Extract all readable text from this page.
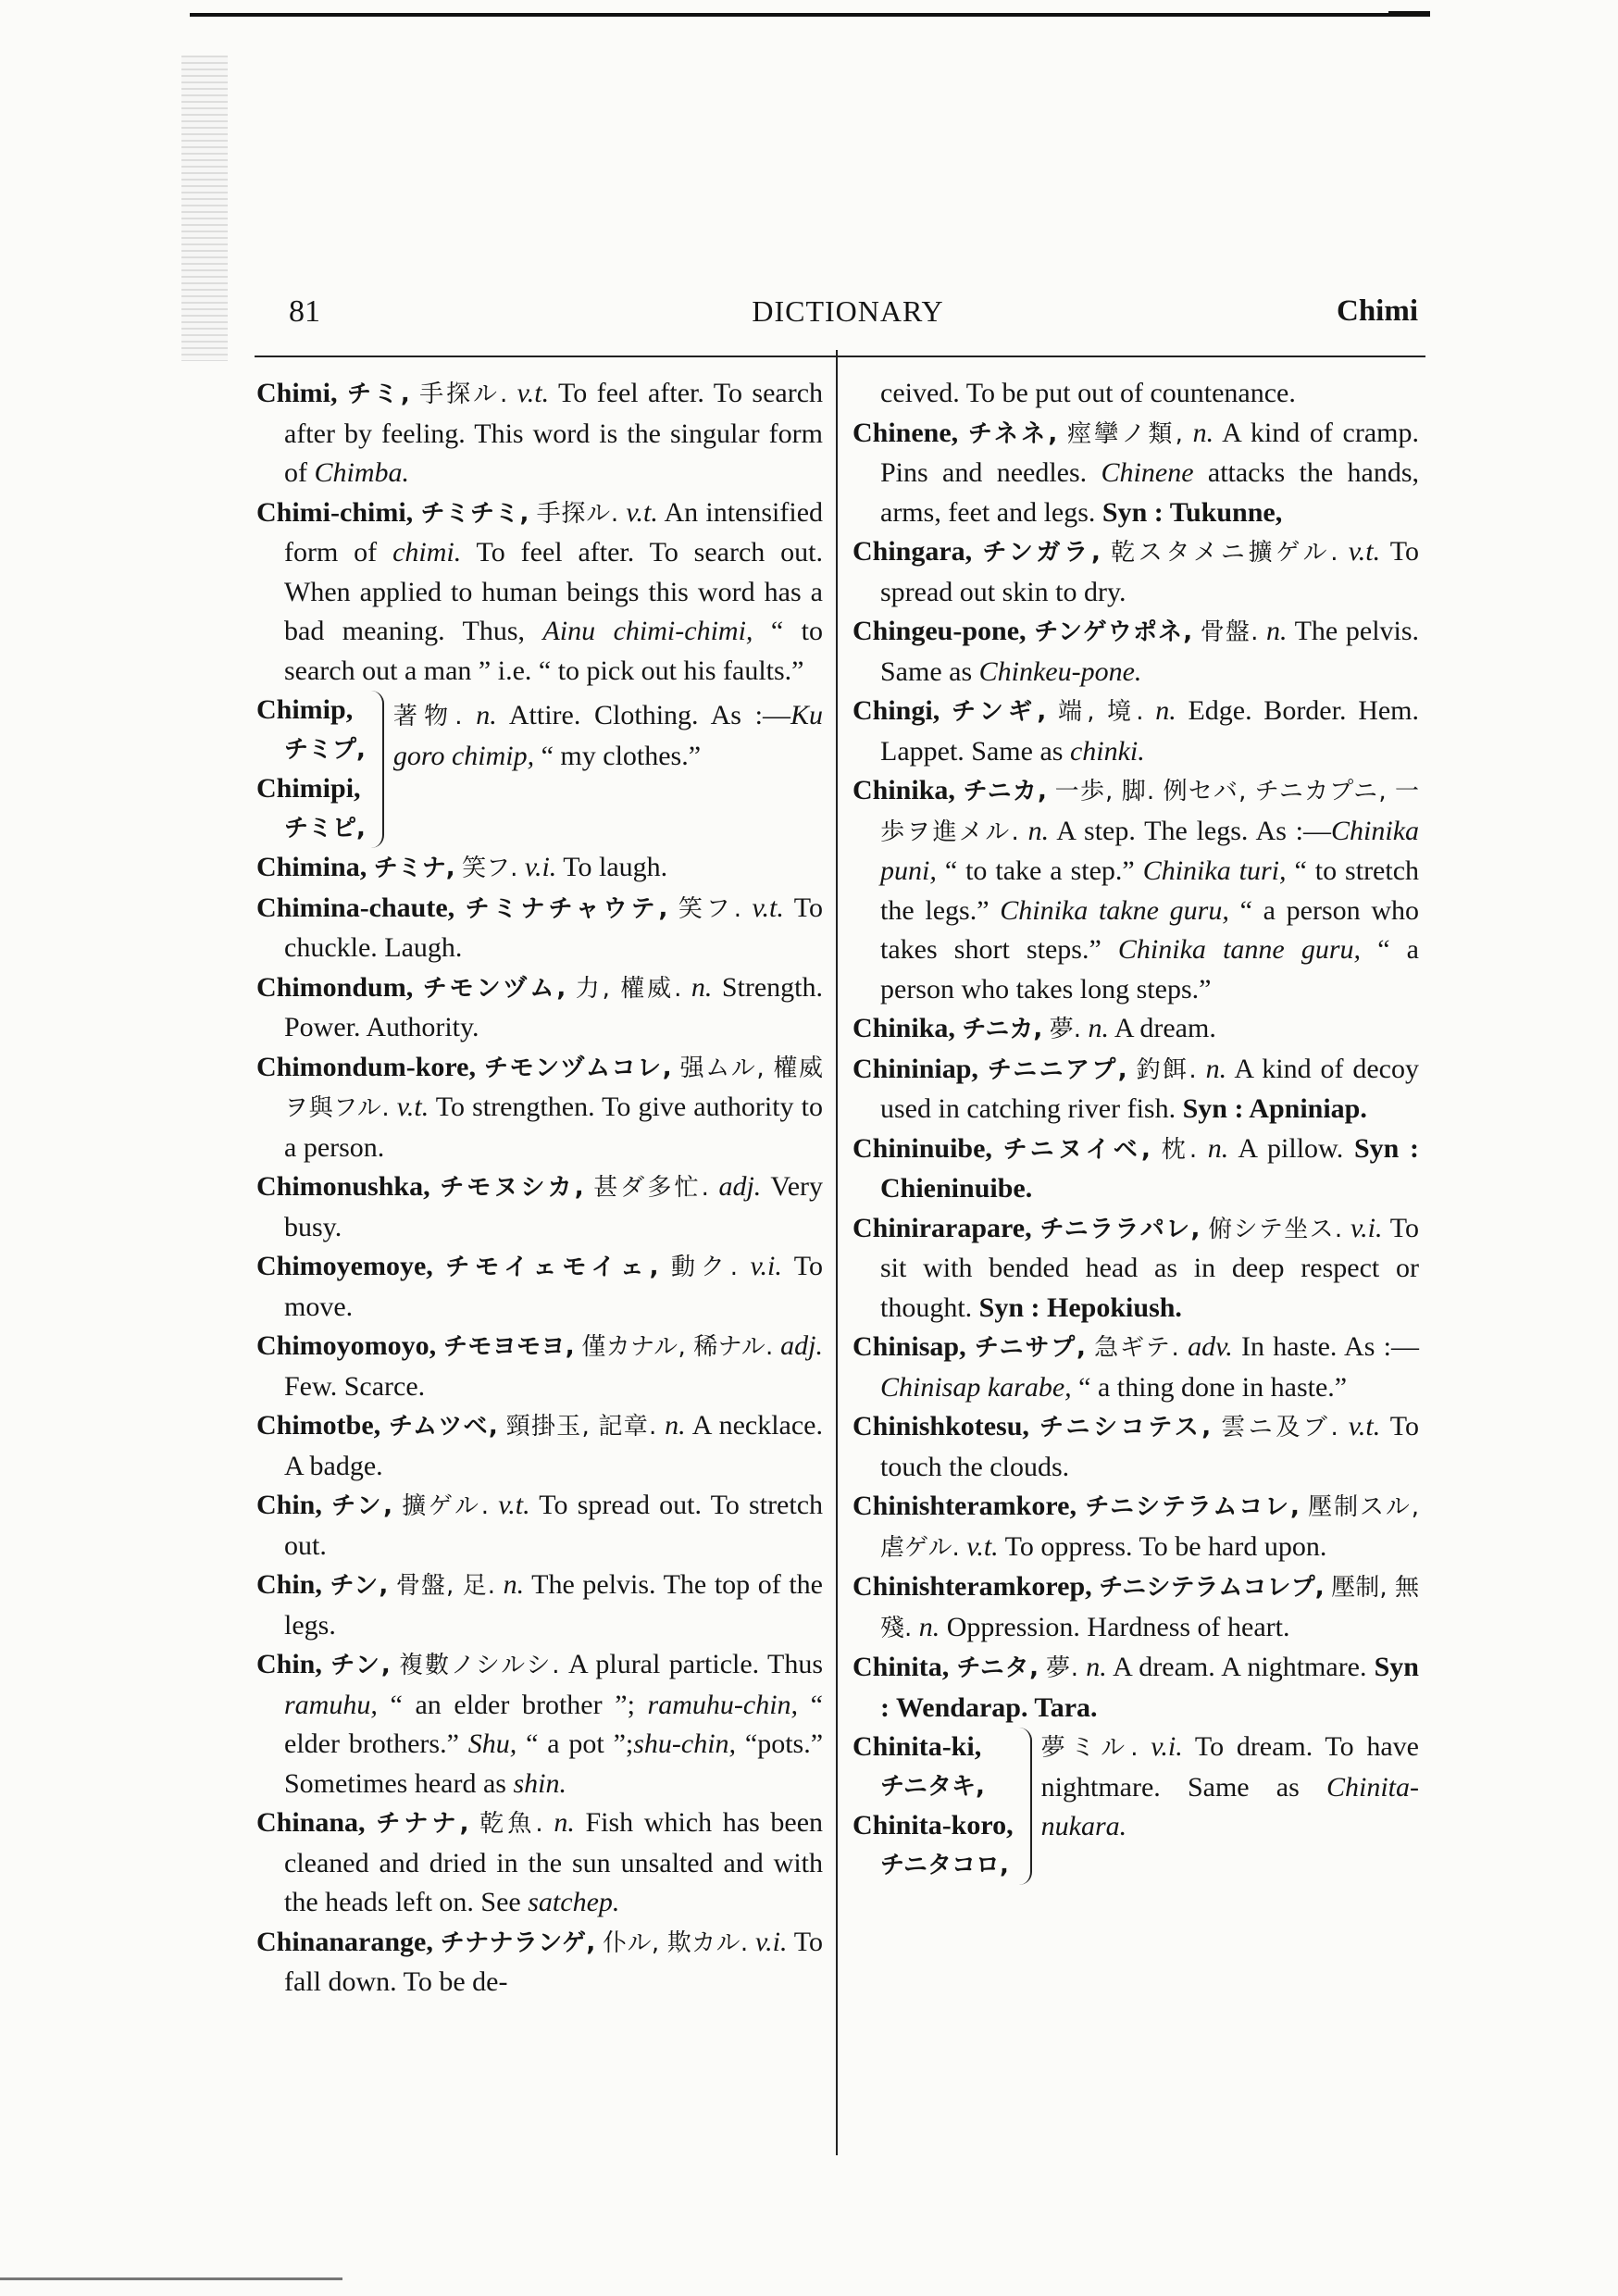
81	DICTIONARY	Chimi
Chimi, チミ, 手探ル. v.t. To feel after. To search after by feeling. This word is the singular form of Chimba.
Chimi-chimi, チミチミ, 手探ル. v.t. An intensified form of chimi. To feel after. To search out. When applied to human beings this word has a bad meaning. Thus, Ainu chimi-chimi, “ to search out a man ” i.e. “ to pick out his faults.”
Chimip,
チミプ,
Chimipi,
チミピ,
著物. n. Attire. Clothing. As :—Ku goro chimip, “ my clothes.”
Chimina, チミナ, 笑フ. v.i. To laugh.
Chimina-chaute, チミナチャウテ, 笑フ. v.t. To chuckle. Laugh.
Chimondum, チモンヅム, 力, 權威. n. Strength. Power. Authority.
Chimondum-kore, チモンヅムコレ, 强ムル, 權威ヲ與フル. v.t. To strengthen. To give authority to a person.
Chimonushka, チモヌシカ, 甚ダ多忙. adj. Very busy.
Chimoyemoye, チモイェモイェ, 動ク. v.i. To move.
Chimoyomoyo, チモヨモヨ, 僅カナル, 稀ナル. adj. Few. Scarce.
Chimotbe, チムツベ, 頸掛玉, 記章. n. A necklace. A badge.
Chin, チン, 擴ゲル. v.t. To spread out. To stretch out.
Chin, チン, 骨盤, 足. n. The pelvis. The top of the legs.
Chin, チン, 複數ノシルシ. A plural particle. Thus ramuhu, “ an elder brother ”; ramuhu-chin, “ elder brothers.” Shu, “ a pot ”;shu-chin, “pots.” Sometimes heard as shin.
Chinana, チナナ, 乾魚. n. Fish which has been cleaned and dried in the sun unsalted and with the heads left on. See satchep.
Chinanarange, チナナランゲ, 仆ル, 欺カル. v.i. To fall down. To be de-
ceived. To be put out of countenance.
Chinene, チネネ, 痙攣ノ類, n. A kind of cramp. Pins and needles. Chinene attacks the hands, arms, feet and legs. Syn : Tukunne,
Chingara, チンガラ, 乾スタメニ擴ゲル. v.t. To spread out skin to dry.
Chingeu-pone, チンゲウポネ, 骨盤. n. The pelvis. Same as Chinkeu-pone.
Chingi, チンギ, 端, 境. n. Edge. Border. Hem. Lappet. Same as chinki.
Chinika, チニカ, 一歩, 脚. 例セバ, チニカプニ, 一歩ヲ進メル. n. A step. The legs. As :—Chinika puni, “ to take a step.” Chinika turi, “ to stretch the legs.” Chinika takne guru, “ a person who takes short steps.” Chinika tanne guru, “ a person who takes long steps.”
Chinika, チニカ, 夢. n. A dream.
Chininiap, チニニアプ, 釣餌. n. A kind of decoy used in catching river fish. Syn : Apniniap.
Chininuibe, チニヌイベ, 枕. n. A pillow. Syn : Chieninuibe.
Chinirarapare, チニララパレ, 俯シテ坐ス. v.i. To sit with bended head as in deep respect or thought. Syn : Hepokiush.
Chinisap, チニサプ, 急ギテ. adv. In haste. As :—Chinisap karabe, “ a thing done in haste.”
Chinishkotesu, チニシコテス, 雲ニ及ブ. v.t. To touch the clouds.
Chinishteramkore, チニシテラムコレ, 壓制スル, 虐ゲル. v.t. To oppress. To be hard upon.
Chinishteramkorep, チニシテラムコレプ, 壓制, 無殘. n. Oppression. Hardness of heart.
Chinita, チニタ, 夢. n. A dream. A nightmare. Syn : Wendarap. Tara.
Chinita-ki,
チニタキ,
Chinita-koro,
チニタコロ,
夢ミル. v.i. To dream. To have nightmare. Same as Chinita-nukara.
